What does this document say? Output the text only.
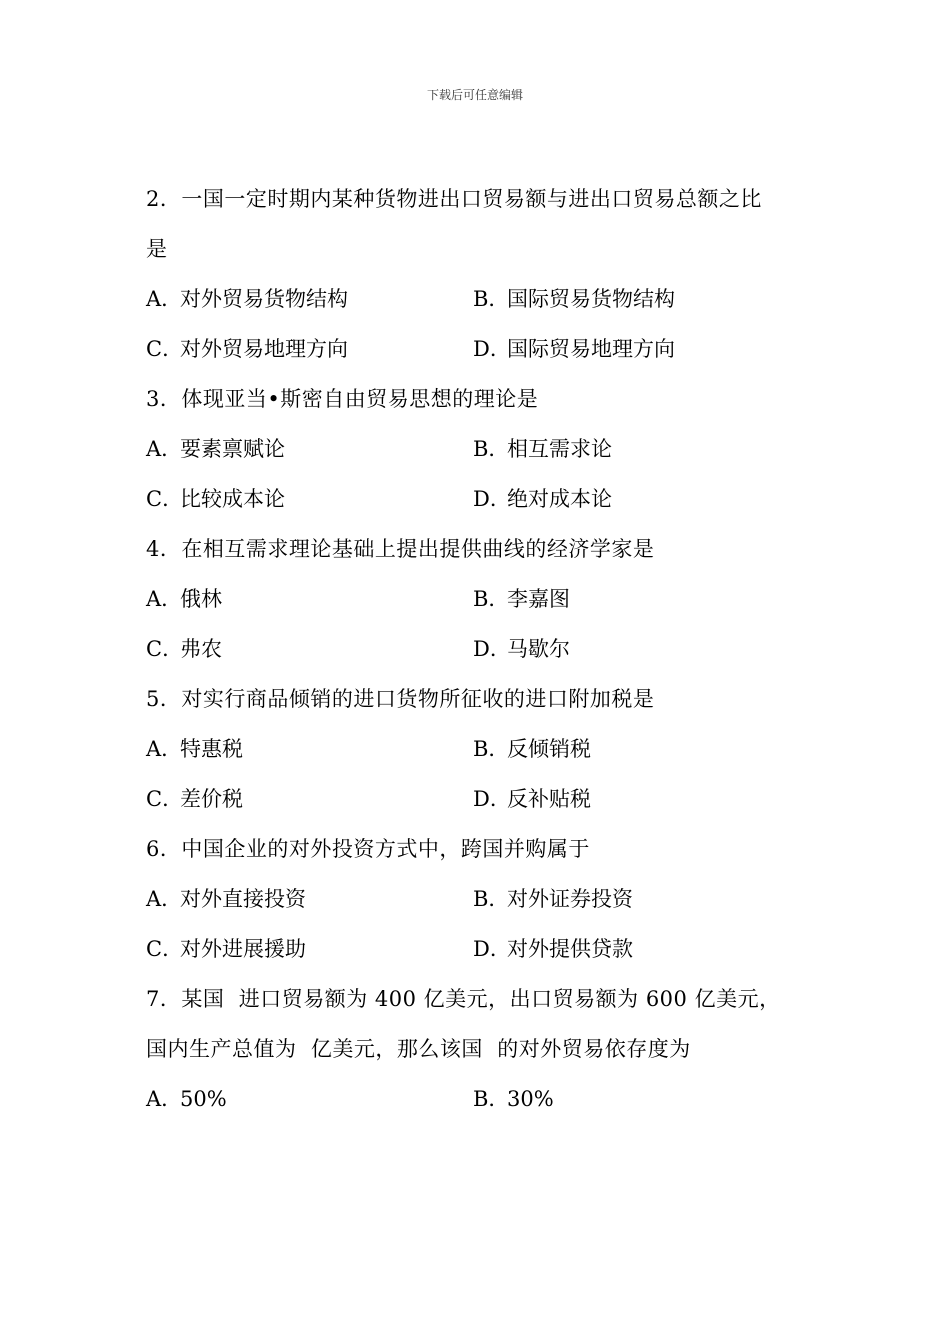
下载后可任意编辑
2．一国一定时期内某种货物进出口贸易额与进出口贸易总额之比
是
A．
对外贸易货物结构	B．
国际贸易货物结构
C．
对外贸易地理方向	D．
国际贸易地理方向
3．体现亚当•斯密自由贸易思想的理论是
A．
要素禀赋论	B．
相互需求论
C．
比较成本论	D．
绝对成本论
4．在相互需求理论基础上提出提供曲线的经济学家是
A．
俄林	B．
李嘉图
C．
弗农	D．
马歇尔
5．对实行商品倾销的进口货物所征收的进口附加税是
A．
特惠税	B．
反倾销税
C．
差价税	D．
反补贴税
6．中国企业的对外投资方式中，跨国并购属于
A．
对外直接投资	B．
对外证券投资
C．
对外进展援助	D．
对外提供贷款
7．某国  进口贸易额为 400 亿美元，出口贸易额为 600 亿美元，
国内生产总值为  亿美元，那么该国  的对外贸易依存度为
A．
50%	B．
30%
